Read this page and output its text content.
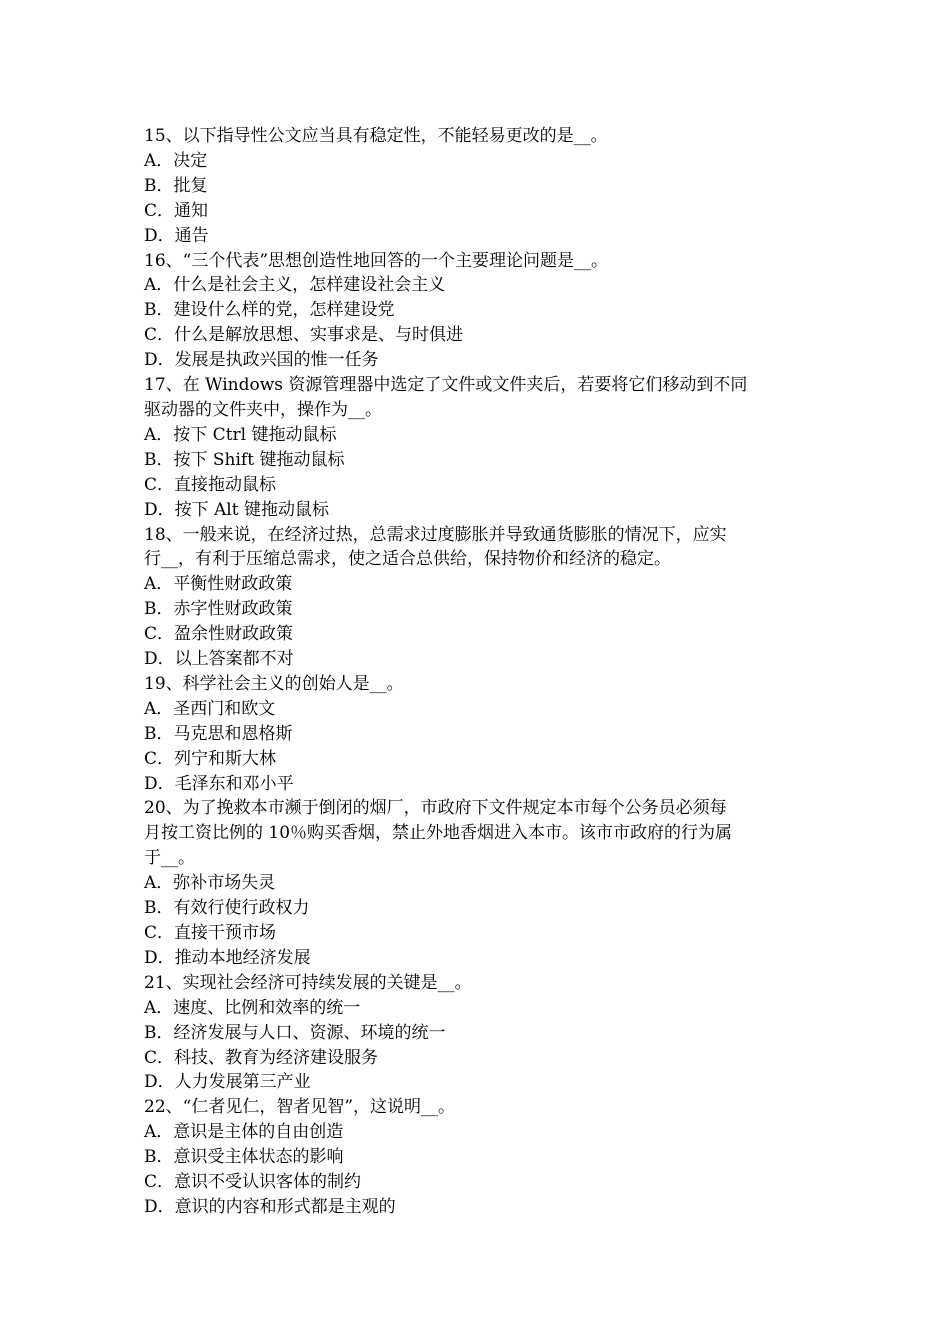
15、以下指导性公文应当具有稳定性，不能轻易更改的是__。

A．决定

B．批复

C．通知

D．通告

16、“三个代表”思想创造性地回答的一个主要理论问题是__。

A．什么是社会主义，怎样建设社会主义

B．建设什么样的党，怎样建设党

C．什么是解放思想、实事求是、与时俱进

D．发展是执政兴国的惟一任务

17、在 Windows 资源管理器中选定了文件或文件夹后，若要将它们移动到不同

驱动器的文件夹中，操作为__。

A．按下 Ctrl 键拖动鼠标

B．按下 Shift 键拖动鼠标

C．直接拖动鼠标

D．按下 Alt 键拖动鼠标

18、一般来说，在经济过热，总需求过度膨胀并导致通货膨胀的情况下，应实

行__，有利于压缩总需求，使之适合总供给，保持物价和经济的稳定。

A．平衡性财政政策

B．赤字性财政政策

C．盈余性财政政策

D．以上答案都不对

19、科学社会主义的创始人是__。

A．圣西门和欧文

B．马克思和恩格斯

C．列宁和斯大林

D．毛泽东和邓小平

20、为了挽救本市濒于倒闭的烟厂，市政府下文件规定本市每个公务员必须每

月按工资比例的 10％购买香烟，禁止外地香烟进入本市。该市市政府的行为属

于__。

A．弥补市场失灵

B．有效行使行政权力

C．直接干预市场

D．推动本地经济发展

21、实现社会经济可持续发展的关键是__。

A．速度、比例和效率的统一

B．经济发展与人口、资源、环境的统一

C．科技、教育为经济建设服务

D．人力发展第三产业

22、“仁者见仁，智者见智”，这说明__。

A．意识是主体的自由创造

B．意识受主体状态的影响

C．意识不受认识客体的制约

D．意识的内容和形式都是主观的
